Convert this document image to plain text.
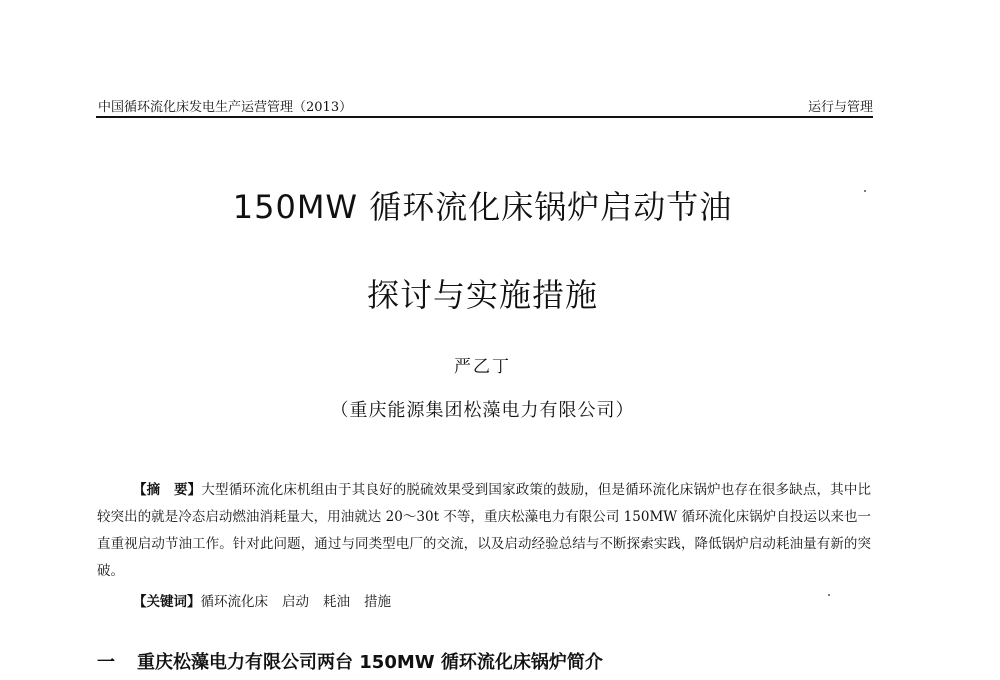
中国循环流化床发电生产运营管理（2013）	运行与管理
150MW 循环流化床锅炉启动节油
探讨与实施措施
严乙丁
（重庆能源集团松藻电力有限公司）

【摘　要】大型循环流化床机组由于其良好的脱硫效果受到国家政策的鼓励，但是循环流化床锅炉也存在很多缺点，其中比较突出的就是冷态启动燃油消耗量大，用油就达 20～30t 不等，重庆松藻电力有限公司 150MW 循环流化床锅炉自投运以来也一直重视启动节油工作。针对此问题，通过与同类型电厂的交流，以及启动经验总结与不断探索实践，降低锅炉启动耗油量有新的突破。

【关键词】循环流化床 启动 耗油 措施
一 重庆松藻电力有限公司两台 150MW 循环流化床锅炉简介
